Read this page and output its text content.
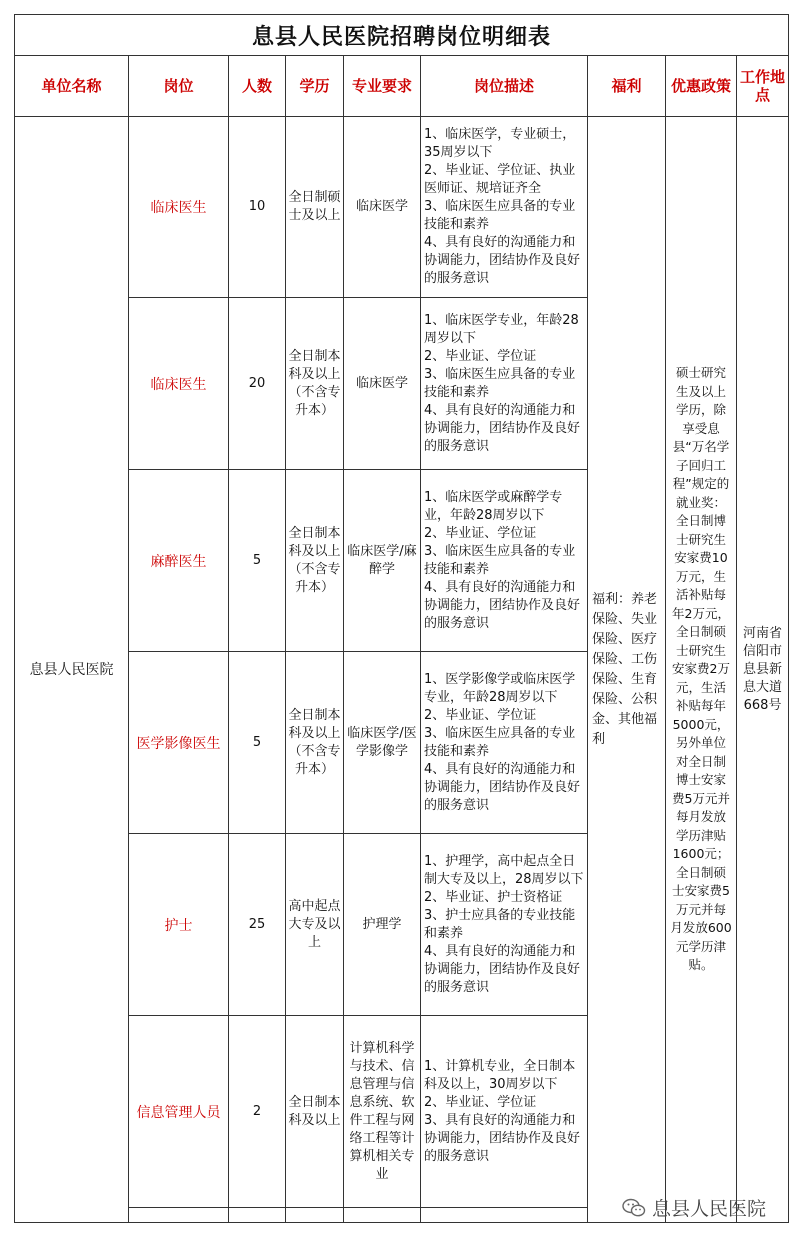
息县人民医院招聘岗位明细表								
单位名称	岗位	人数	学历	专业要求	岗位描述	福利	优惠政策	工作地点
息县人民医院	临床医生	10	全日制硕士及以上	临床医学	1、临床医学，专业硕士，35周岁以下
2、毕业证、学位证、执业医师证、规培证齐全
3、临床医生应具备的专业技能和素养
4、具有良好的沟通能力和协调能力，团结协作及良好的服务意识	福利：养老保险、失业保险、医疗保险、工伤保险、生育保险、公积金、其他福利	硕士研究生及以上学历，除享受息县“万名学子回归工程”规定的就业奖：全日制博士研究生安家费10万元，生活补贴每年2万元，全日制硕士研究生安家费2万元，生活补贴每年5000元，另外单位对全日制博士安家费5万元并每月发放学历津贴1600元；全日制硕士安家费5万元并每月发放600元学历津贴。	河南省信阳市息县新息大道668号
	临床医生	20	全日制本科及以上（不含专升本）	临床医学	1、临床医学专业，年龄28周岁以下
2、毕业证、学位证
3、临床医生应具备的专业技能和素养
4、具有良好的沟通能力和协调能力，团结协作及良好的服务意识			
	麻醉医生	5	全日制本科及以上（不含专升本）	临床医学/麻醉学	1、临床医学或麻醉学专业，年龄28周岁以下
2、毕业证、学位证
3、临床医生应具备的专业技能和素养
4、具有良好的沟通能力和协调能力，团结协作及良好的服务意识			
	医学影像医生	5	全日制本科及以上（不含专升本）	临床医学/医学影像学	1、医学影像学或临床医学专业，年龄28周岁以下
2、毕业证、学位证
3、临床医生应具备的专业技能和素养
4、具有良好的沟通能力和协调能力，团结协作及良好的服务意识			
	护士	25	高中起点大专及以上	护理学	1、护理学，高中起点全日制大专及以上，28周岁以下
2、毕业证、护士资格证
3、护士应具备的专业技能和素养
4、具有良好的沟通能力和协调能力，团结协作及良好的服务意识			
	信息管理人员	2	全日制本科及以上	计算机科学与技术、信息管理与信息系统、软件工程与网络工程等计算机相关专业	1、计算机专业，全日制本科及以上，30周岁以下
2、毕业证、学位证
3、具有良好的沟通能力和协调能力，团结协作及良好的服务意识			

息县人民医院
